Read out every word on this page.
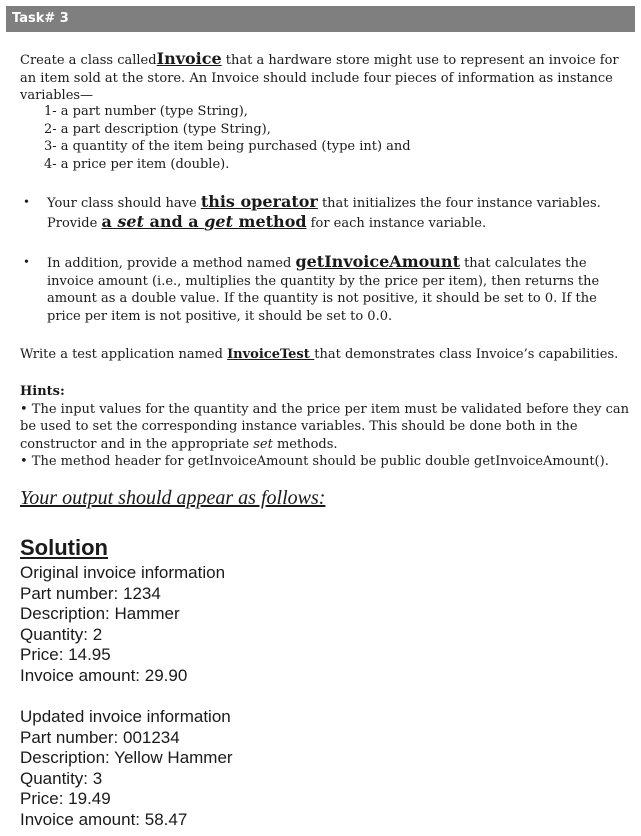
Task# 3
Create a class calledInvoice that a hardware store might use to represent an invoice for an item sold at the store. An Invoice should include four pieces of information as instance variables—
1- a part number (type String),
2- a part description (type String),
3- a quantity of the item being purchased (type int) and
4- a price per item (double).
• Your class should have this operator that initializes the four instance variables.
Provide a set and a get method for each instance variable.
• In addition, provide a method named getInvoiceAmount that calculates the invoice amount (i.e., multiplies the quantity by the price per item), then returns the amount as a double value. If the quantity is not positive, it should be set to 0. If the price per item is not positive, it should be set to 0.0.
Write a test application named InvoiceTest that demonstrates class Invoice’s capabilities.
Hints:
• The input values for the quantity and the price per item must be validated before they can be used to set the corresponding instance variables. This should be done both in the constructor and in the appropriate set methods.
• The method header for getInvoiceAmount should be public double getInvoiceAmount().
Your output should appear as follows:
Solution
Original invoice information
Part number: 1234
Description: Hammer
Quantity: 2
Price: 14.95
Invoice amount: 29.90
Updated invoice information
Part number: 001234
Description: Yellow Hammer
Quantity: 3
Price: 19.49
Invoice amount: 58.47
